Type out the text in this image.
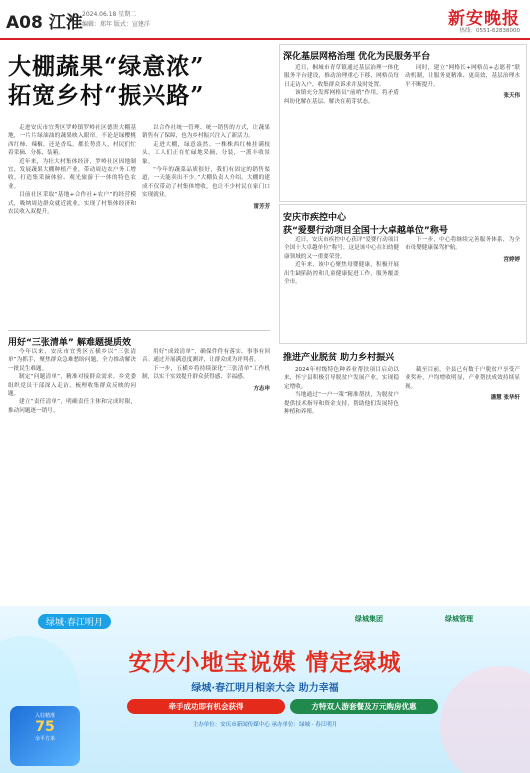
A08 江淮 2024.06.18 星期二
编辑：郑年 版式：宣建洋	新安晚报
热线：0551-62838000
大棚蔬果“绿意浓”
拓宽乡村“振兴路”

走进安庆市宜秀区罗岭镇罗岭社区德贵大棚基地，一片片绿油油的蔬果映入眼帘。不论是绿樱桃西红柿、辣椒，还是香瓜，都长势喜人，村民们忙着采摘、分拣、装箱。

近年来，为壮大村集体经济，罗岭社区因地制宜，发展蔬果大棚种植产业，带动周边农户务工增收，打造集采摘体验、观光旅游于一体的特色农业。

目前社区采取“基地+合作社+农户”的经营模式，吸纳周边群众就近就业，实现了村集体经济和农民收入双提升。

以合作社统一管理、统一销售的方式，让蔬果销售有了保障，也为乡村振兴注入了新活力。

走进大棚，绿意盎然。一株株西红柿挂满枝头，工人们正在忙碌地采摘、分装，一派丰收景象。

“今年的蔬菜品质很好，我们有固定的销售渠道，一天能卖出不少。”大棚负责人介绍，大棚的建成不仅带动了村集体增收，也让不少村民在家门口实现就业。

雷芳芳

用好“三张清单” 解难题提质效

今年以来，安庆市宜秀区五横乡以“三张清单”为抓手，聚焦群众急难愁盼问题，全力推动解决一批民生难题。

制定“问题清单”，精准对接群众需求。乡党委组织党员干部深入走访，梳理收集群众反映的问题。

建立“责任清单”，明确责任主体和完成时限，推动问题逐一销号。

用好“成效清单”，确保件件有落实、事事有回音。通过开展满意度测评，让群众成为评判者。

下一步，五横乡将持续深化“三张清单”工作机制，以实干实效提升群众获得感、幸福感。

方志申

深化基层网格治理 优化为民服务平台

近日，桐城市青草镇通过基层治理一体化服务平台建设，推动治理重心下移，网格员每日走访入户，收集群众诉求并及时处置。

该镇充分发挥网格员“前哨”作用，将矛盾纠纷化解在基层、解决在萌芽状态。

同时，建立“网格长+网格员+志愿者”联动机制，让服务更精准、更高效，基层治理水平不断提升。

张天伟

安庆市疾控中心
获“爱婴行动项目全国十大卓越单位”称号

近日，安庆市疾控中心获评“爱婴行动项目全国十大卓越单位”称号，这是该中心在妇幼健康领域的又一重要荣誉。

近年来，该中心聚焦母婴健康，积极开展出生缺陷防控和儿童健康促进工作，服务覆盖全市。

下一步，中心将继续完善服务体系，为全市母婴健康保驾护航。

宫婷婷

推进产业脱贫 助力乡村振兴

2024年村级特色种养业帮扶项目启动以来，怀宁县积极引导脱贫户发展产业，实现稳定增收。

当地通过“一户一策”精准帮扶，为脱贫户提供技术指导和资金支持，帮助他们发展特色种植和养殖。

截至目前，全县已有数千户脱贫户享受产业奖补，户均增收明显，产业帮扶成效持续显现。

潘慧 张华轩

绿城·春江明月	绿城集团	绿城管理
安庆小地宝说媒 情定绿城
绿城·春江明月相亲大会 助力幸福
牵手成功即有机会获得	方特双人游套餐及万元购房优惠
主办单位：安庆市新闻传媒中心 承办单位：绿城 · 春江明月
入驻精准
75
余平方米
